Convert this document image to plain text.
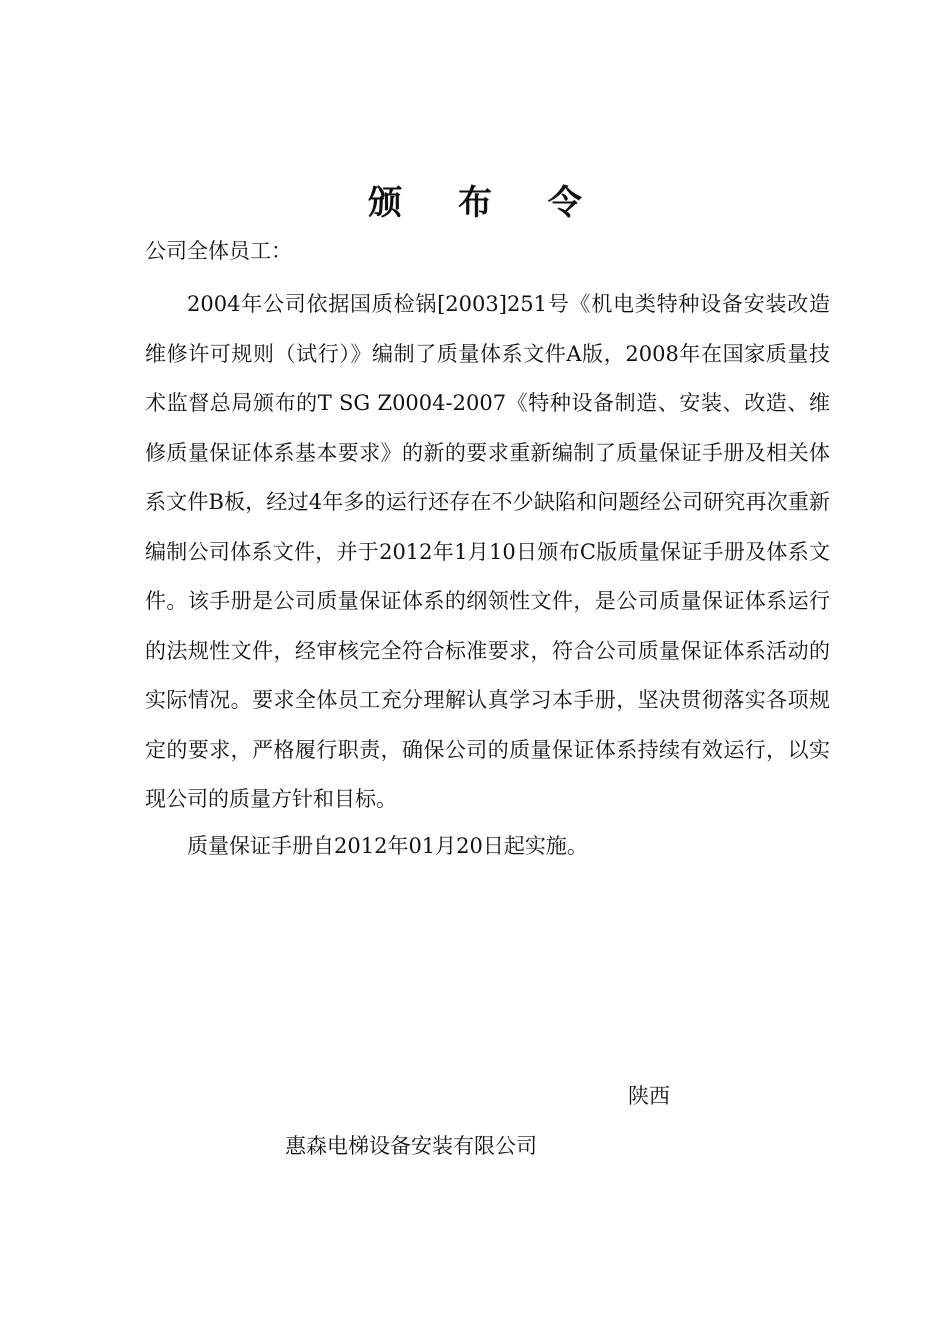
颁 布 令
公司全体员工：

2004年公司依据国质检锅[2003]251号《机电类特种设备安装改造维修许可规则（试行）》编制了质量体系文件A版，2008年在国家质量技术监督总局颁布的T SG Z0004-2007《特种设备制造、安装、改造、维修质量保证体系基本要求》的新的要求重新编制了质量保证手册及相关体系文件B板，经过4年多的运行还存在不少缺陷和问题经公司研究再次重新编制公司体系文件，并于2012年1月10日颁布C版质量保证手册及体系文件。该手册是公司质量保证体系的纲领性文件，是公司质量保证体系运行的法规性文件，经审核完全符合标准要求，符合公司质量保证体系活动的实际情况。要求全体员工充分理解认真学习本手册，坚决贯彻落实各项规定的要求，严格履行职责，确保公司的质量保证体系持续有效运行，以实现公司的质量方针和目标。

质量保证手册自2012年01月20日起实施。

陕西
惠森电梯设备安装有限公司
